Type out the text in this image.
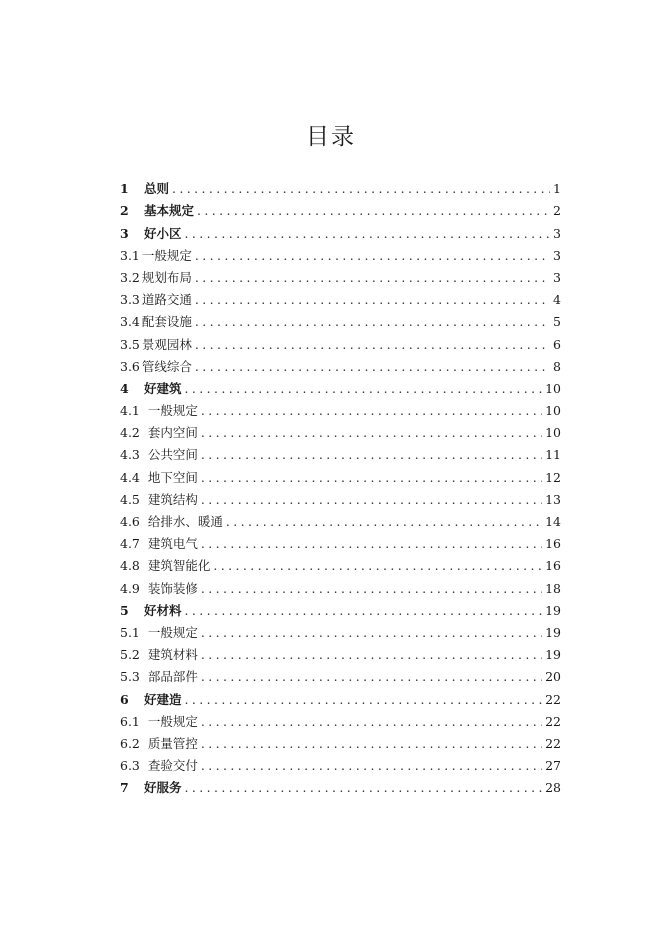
目录
1	总则 .....	1
2	基本规定 .....	2
3	好小区 .....	3
3.1 一般规定 .....	3
3.2 规划布局 .....	3
3.3 道路交通 .....	4
3.4 配套设施 .....	5
3.5 景观园林 .....	6
3.6 管线综合 .....	8
4	好建筑 .....	10
4.1 一般规定 .....	10
4.2 套内空间 .....	10
4.3 公共空间 .....	11
4.4 地下空间 .....	12
4.5 建筑结构 .....	13
4.6 给排水、暖通 .....	14
4.7 建筑电气 .....	16
4.8 建筑智能化 .....	16
4.9 装饰装修 .....	18
5	好材料 .....	19
5.1 一般规定 .....	19
5.2 建筑材料 .....	19
5.3 部品部件 .....	20
6	好建造 .....	22
6.1 一般规定 .....	22
6.2 质量管控 .....	22
6.3 查验交付 .....	27
7	好服务 .....	28
